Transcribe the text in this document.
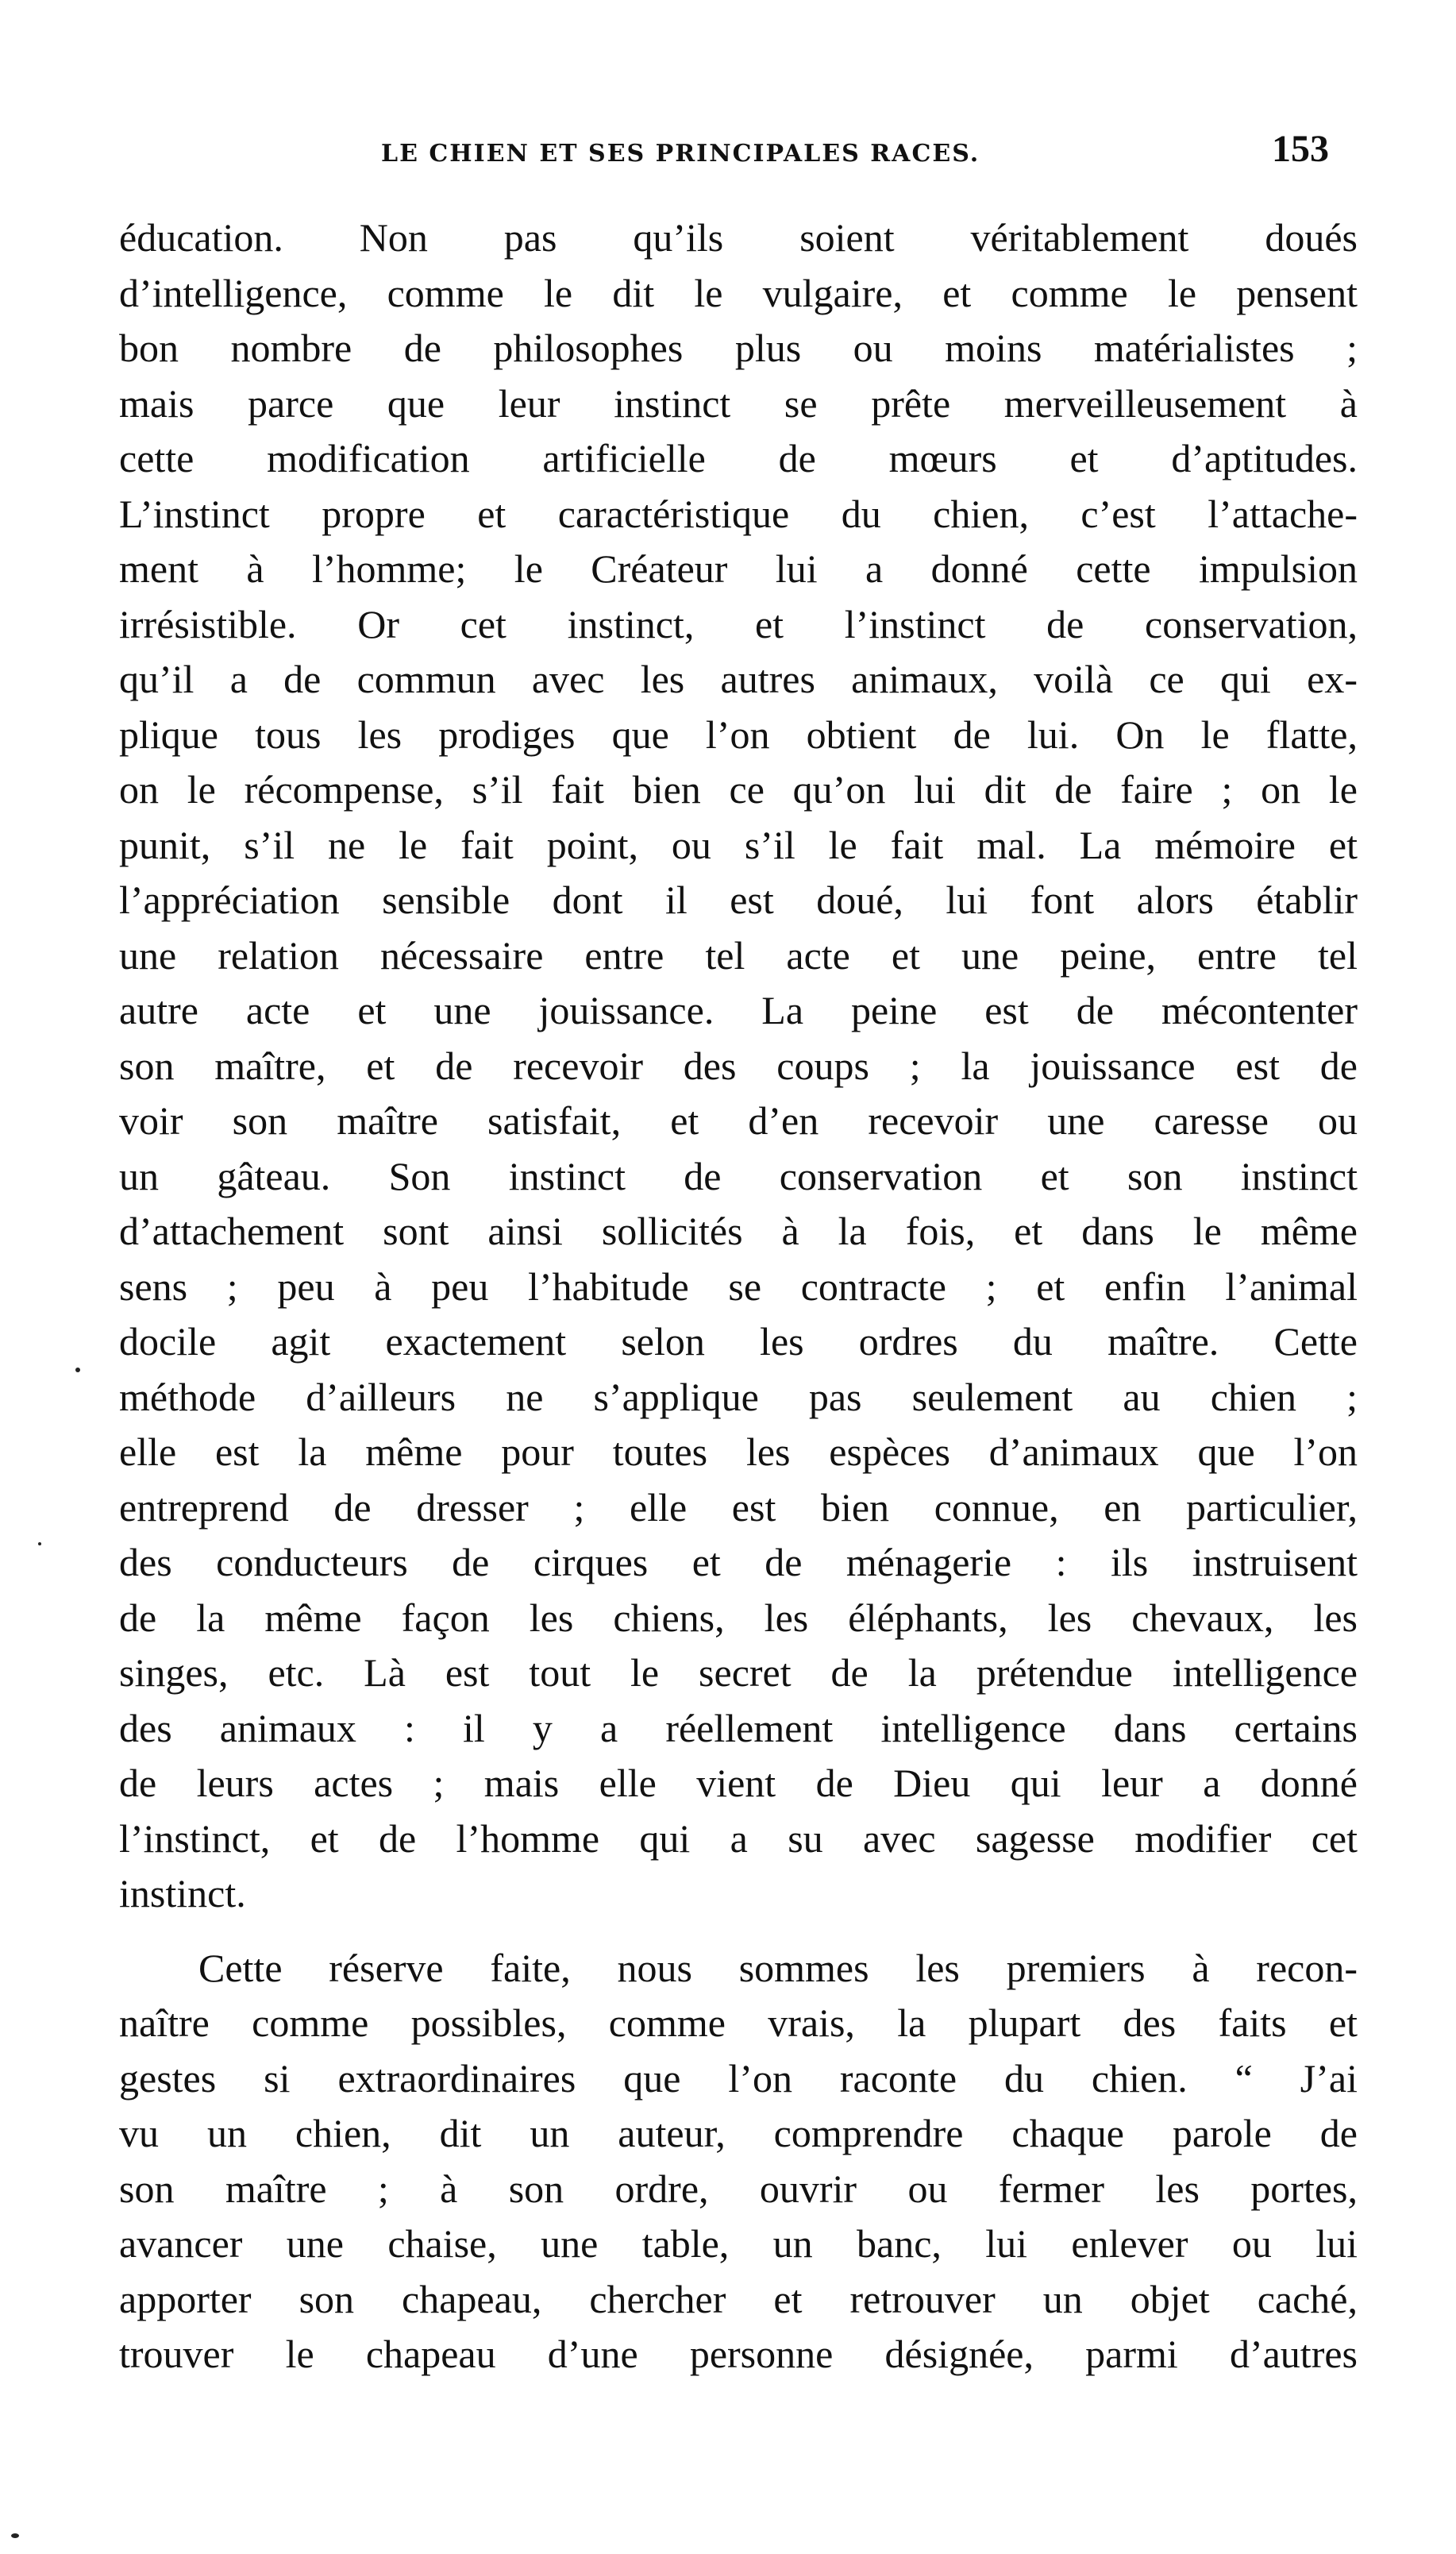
LE CHIEN ET SES PRINCIPALES RACES.	153
éducation. Non pas qu’ils soient véritablement doués
d’intelligence, comme le dit le vulgaire, et comme le pensent
bon nombre de philosophes plus ou moins matérialistes ;
mais parce que leur instinct se prête merveilleusement à
cette modification artificielle de mœurs et d’aptitudes.
L’instinct propre et caractéristique du chien, c’est l’attache-
ment à l’homme; le Créateur lui a donné cette impulsion
irrésistible. Or cet instinct, et l’instinct de conservation,
qu’il a de commun avec les autres animaux, voilà ce qui ex-
plique tous les prodiges que l’on obtient de lui. On le flatte,
on le récompense, s’il fait bien ce qu’on lui dit de faire ; on le
punit, s’il ne le fait point, ou s’il le fait mal. La mémoire et
l’appréciation sensible dont il est doué, lui font alors établir
une relation nécessaire entre tel acte et une peine, entre tel
autre acte et une jouissance. La peine est de mécontenter
son maître, et de recevoir des coups ; la jouissance est de
voir son maître satisfait, et d’en recevoir une caresse ou
un gâteau. Son instinct de conservation et son instinct
d’attachement sont ainsi sollicités à la fois, et dans le même
sens ; peu à peu l’habitude se contracte ; et enfin l’animal
docile agit exactement selon les ordres du maître. Cette
méthode d’ailleurs ne s’applique pas seulement au chien ;
elle est la même pour toutes les espèces d’animaux que l’on
entreprend de dresser ; elle est bien connue, en particulier,
des conducteurs de cirques et de ménagerie : ils instruisent
de la même façon les chiens, les éléphants, les chevaux, les
singes, etc. Là est tout le secret de la prétendue intelligence
des animaux : il y a réellement intelligence dans certains
de leurs actes ; mais elle vient de Dieu qui leur a donné
l’instinct, et de l’homme qui a su avec sagesse modifier cet
instinct.
Cette réserve faite, nous sommes les premiers à recon-
naître comme possibles, comme vrais, la plupart des faits et
gestes si extraordinaires que l’on raconte du chien. “ J’ai
vu un chien, dit un auteur, comprendre chaque parole de
son maître ; à son ordre, ouvrir ou fermer les portes,
avancer une chaise, une table, un banc, lui enlever ou lui
apporter son chapeau, chercher et retrouver un objet caché,
trouver le chapeau d’une personne désignée, parmi d’autres
